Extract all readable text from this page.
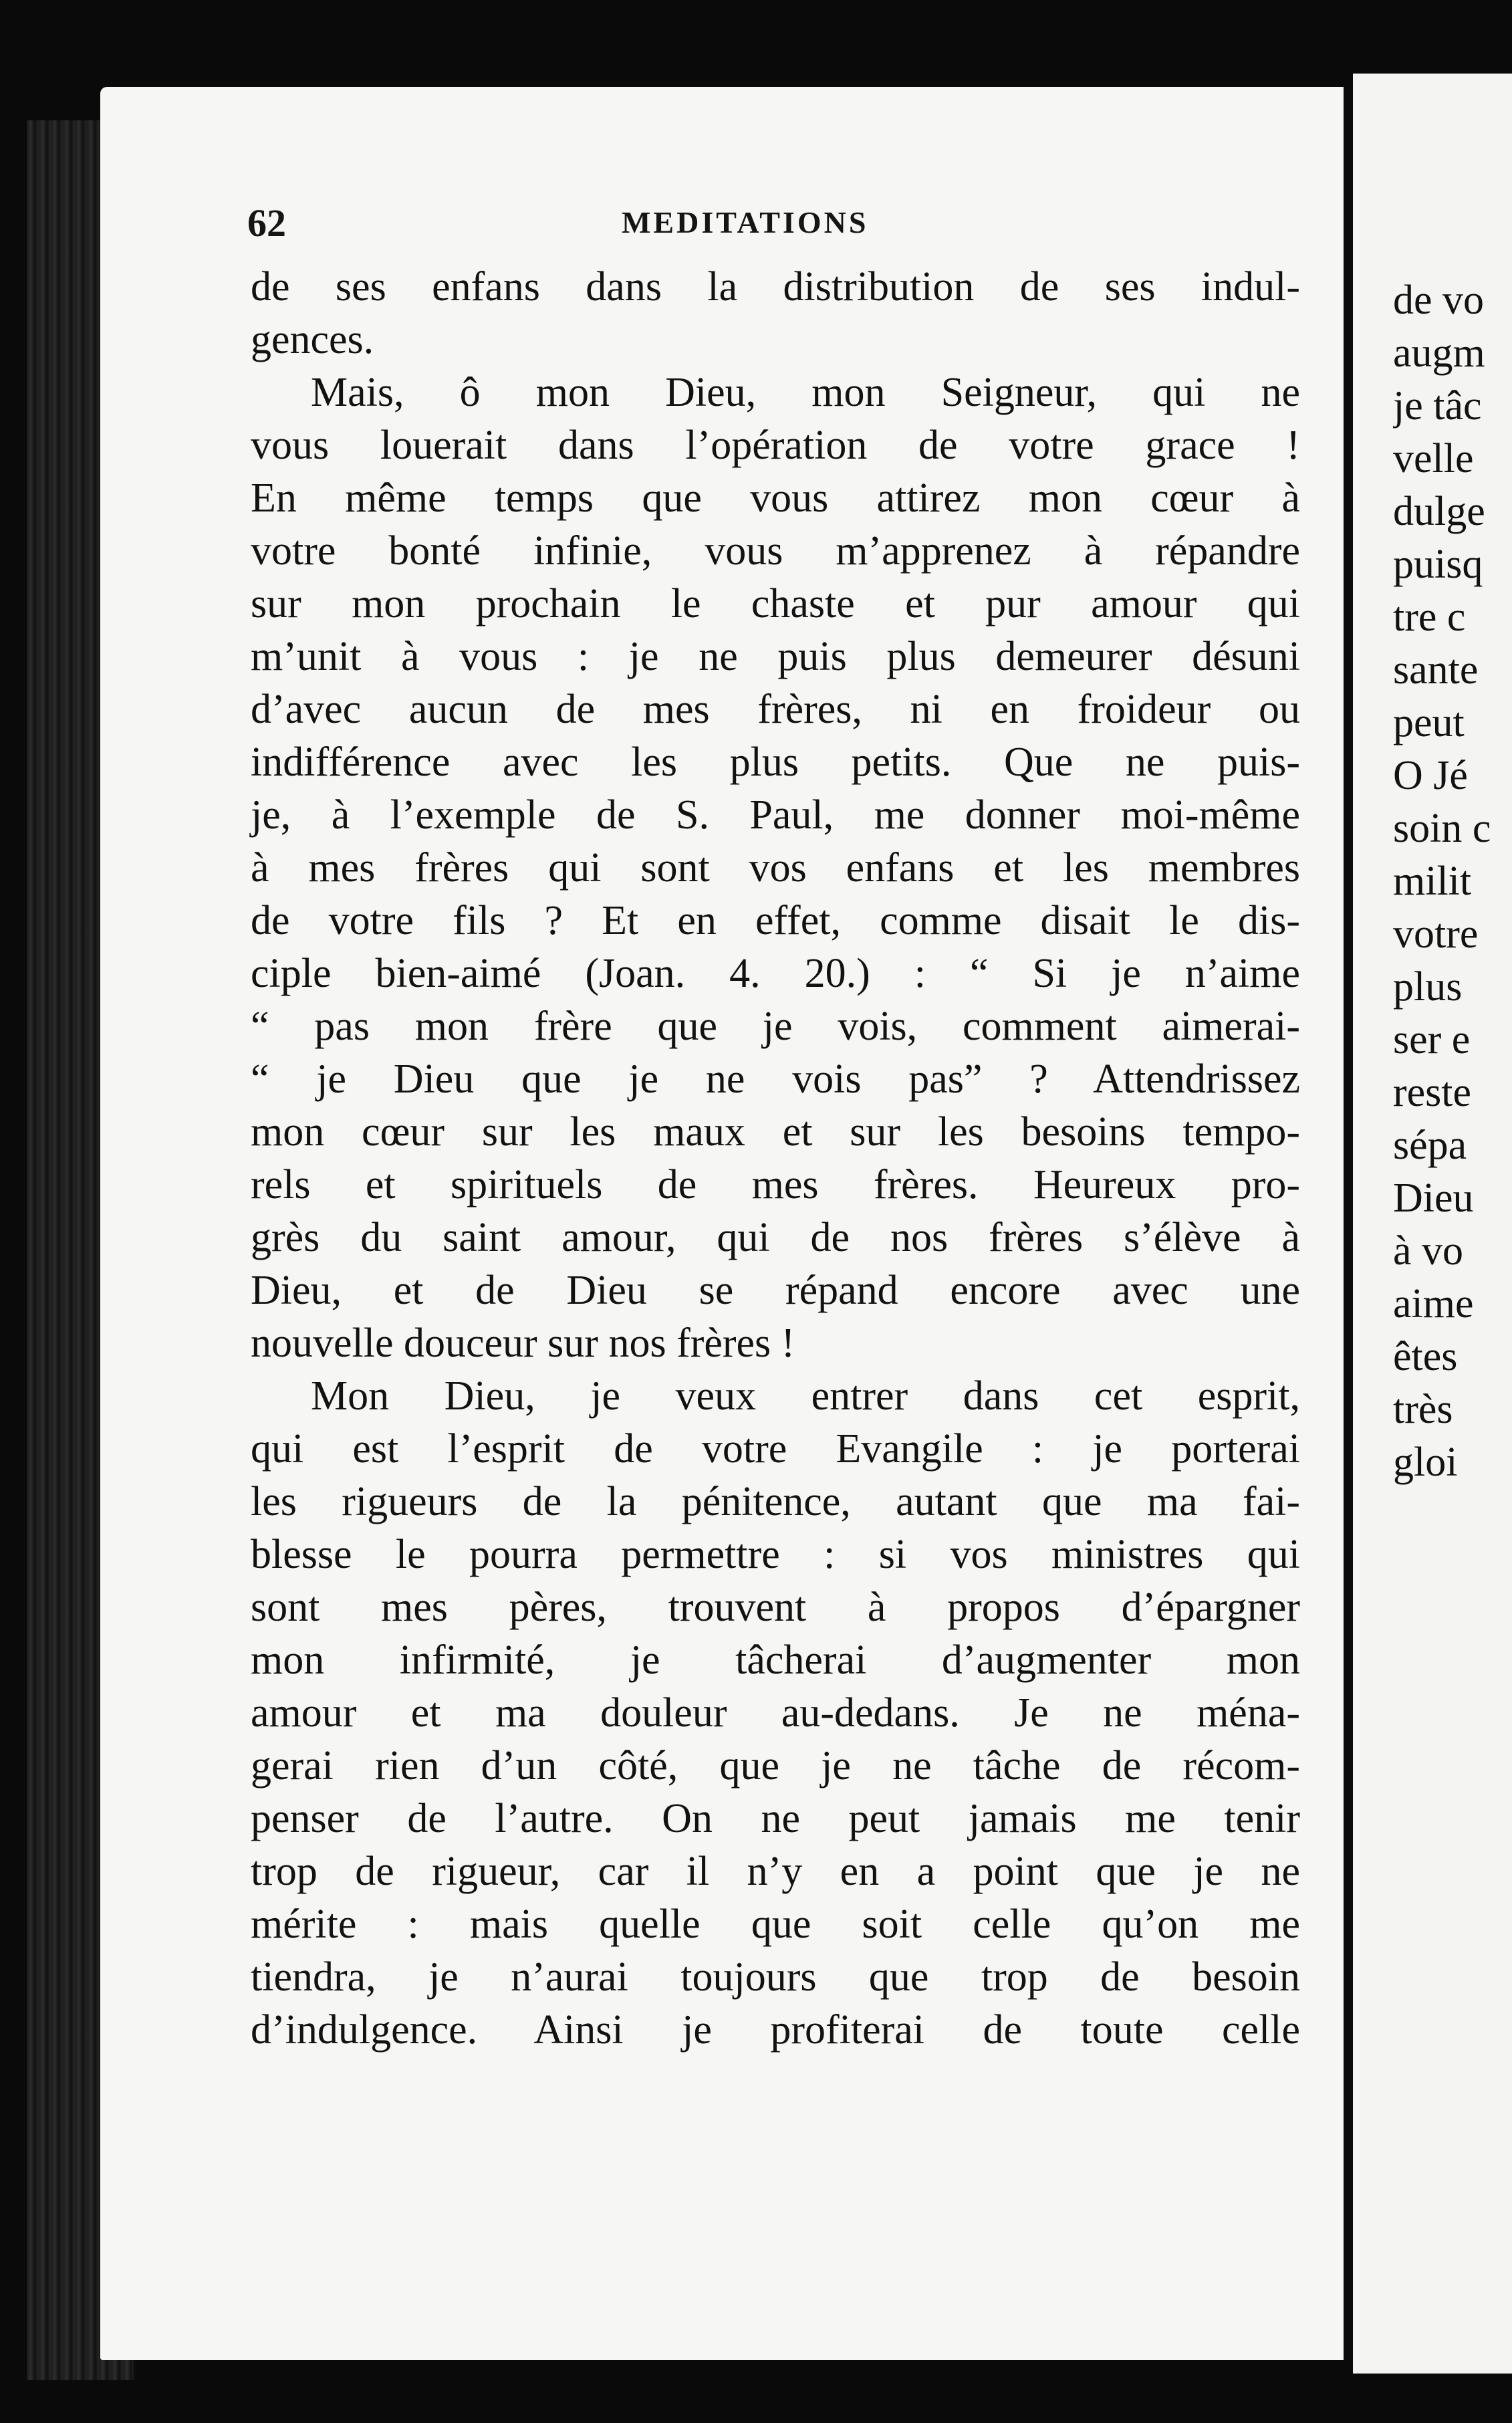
62	MEDITATIONS
de ses enfans dans la distribution de ses indul-
gences.
Mais, ô mon Dieu, mon Seigneur, qui ne
vous louerait dans l’opération de votre grace !
En même temps que vous attirez mon cœur à
votre bonté infinie, vous m’apprenez à répandre
sur mon prochain le chaste et pur amour qui
m’unit à vous : je ne puis plus demeurer désuni
d’avec aucun de mes frères, ni en froideur ou
indifférence avec les plus petits. Que ne puis-
je, à l’exemple de S. Paul, me donner moi-même
à mes frères qui sont vos enfans et les membres
de votre fils ? Et en effet, comme disait le dis-
ciple bien-aimé (Joan. 4. 20.) : “ Si je n’aime
“ pas mon frère que je vois, comment aimerai-
“ je Dieu que je ne vois pas” ? Attendrissez
mon cœur sur les maux et sur les besoins tempo-
rels et spirituels de mes frères. Heureux pro-
grès du saint amour, qui de nos frères s’élève à
Dieu, et de Dieu se répand encore avec une
nouvelle douceur sur nos frères !
Mon Dieu, je veux entrer dans cet esprit,
qui est l’esprit de votre Evangile : je porterai
les rigueurs de la pénitence, autant que ma fai-
blesse le pourra permettre : si vos ministres qui
sont mes pères, trouvent à propos d’épargner
mon infirmité, je tâcherai d’augmenter mon
amour et ma douleur au-dedans. Je ne ména-
gerai rien d’un côté, que je ne tâche de récom-
penser de l’autre. On ne peut jamais me tenir
trop de rigueur, car il n’y en a point que je ne
mérite : mais quelle que soit celle qu’on me
tiendra, je n’aurai toujours que trop de besoin
d’indulgence. Ainsi je profiterai de toute celle
de vo
augm
je tâc
velle
dulge
puisq
tre c
sante
peut
O Jé
soin c
milit
votre
plus
ser e
reste
sépa
Dieu
à vo
aime
êtes
très
gloi
